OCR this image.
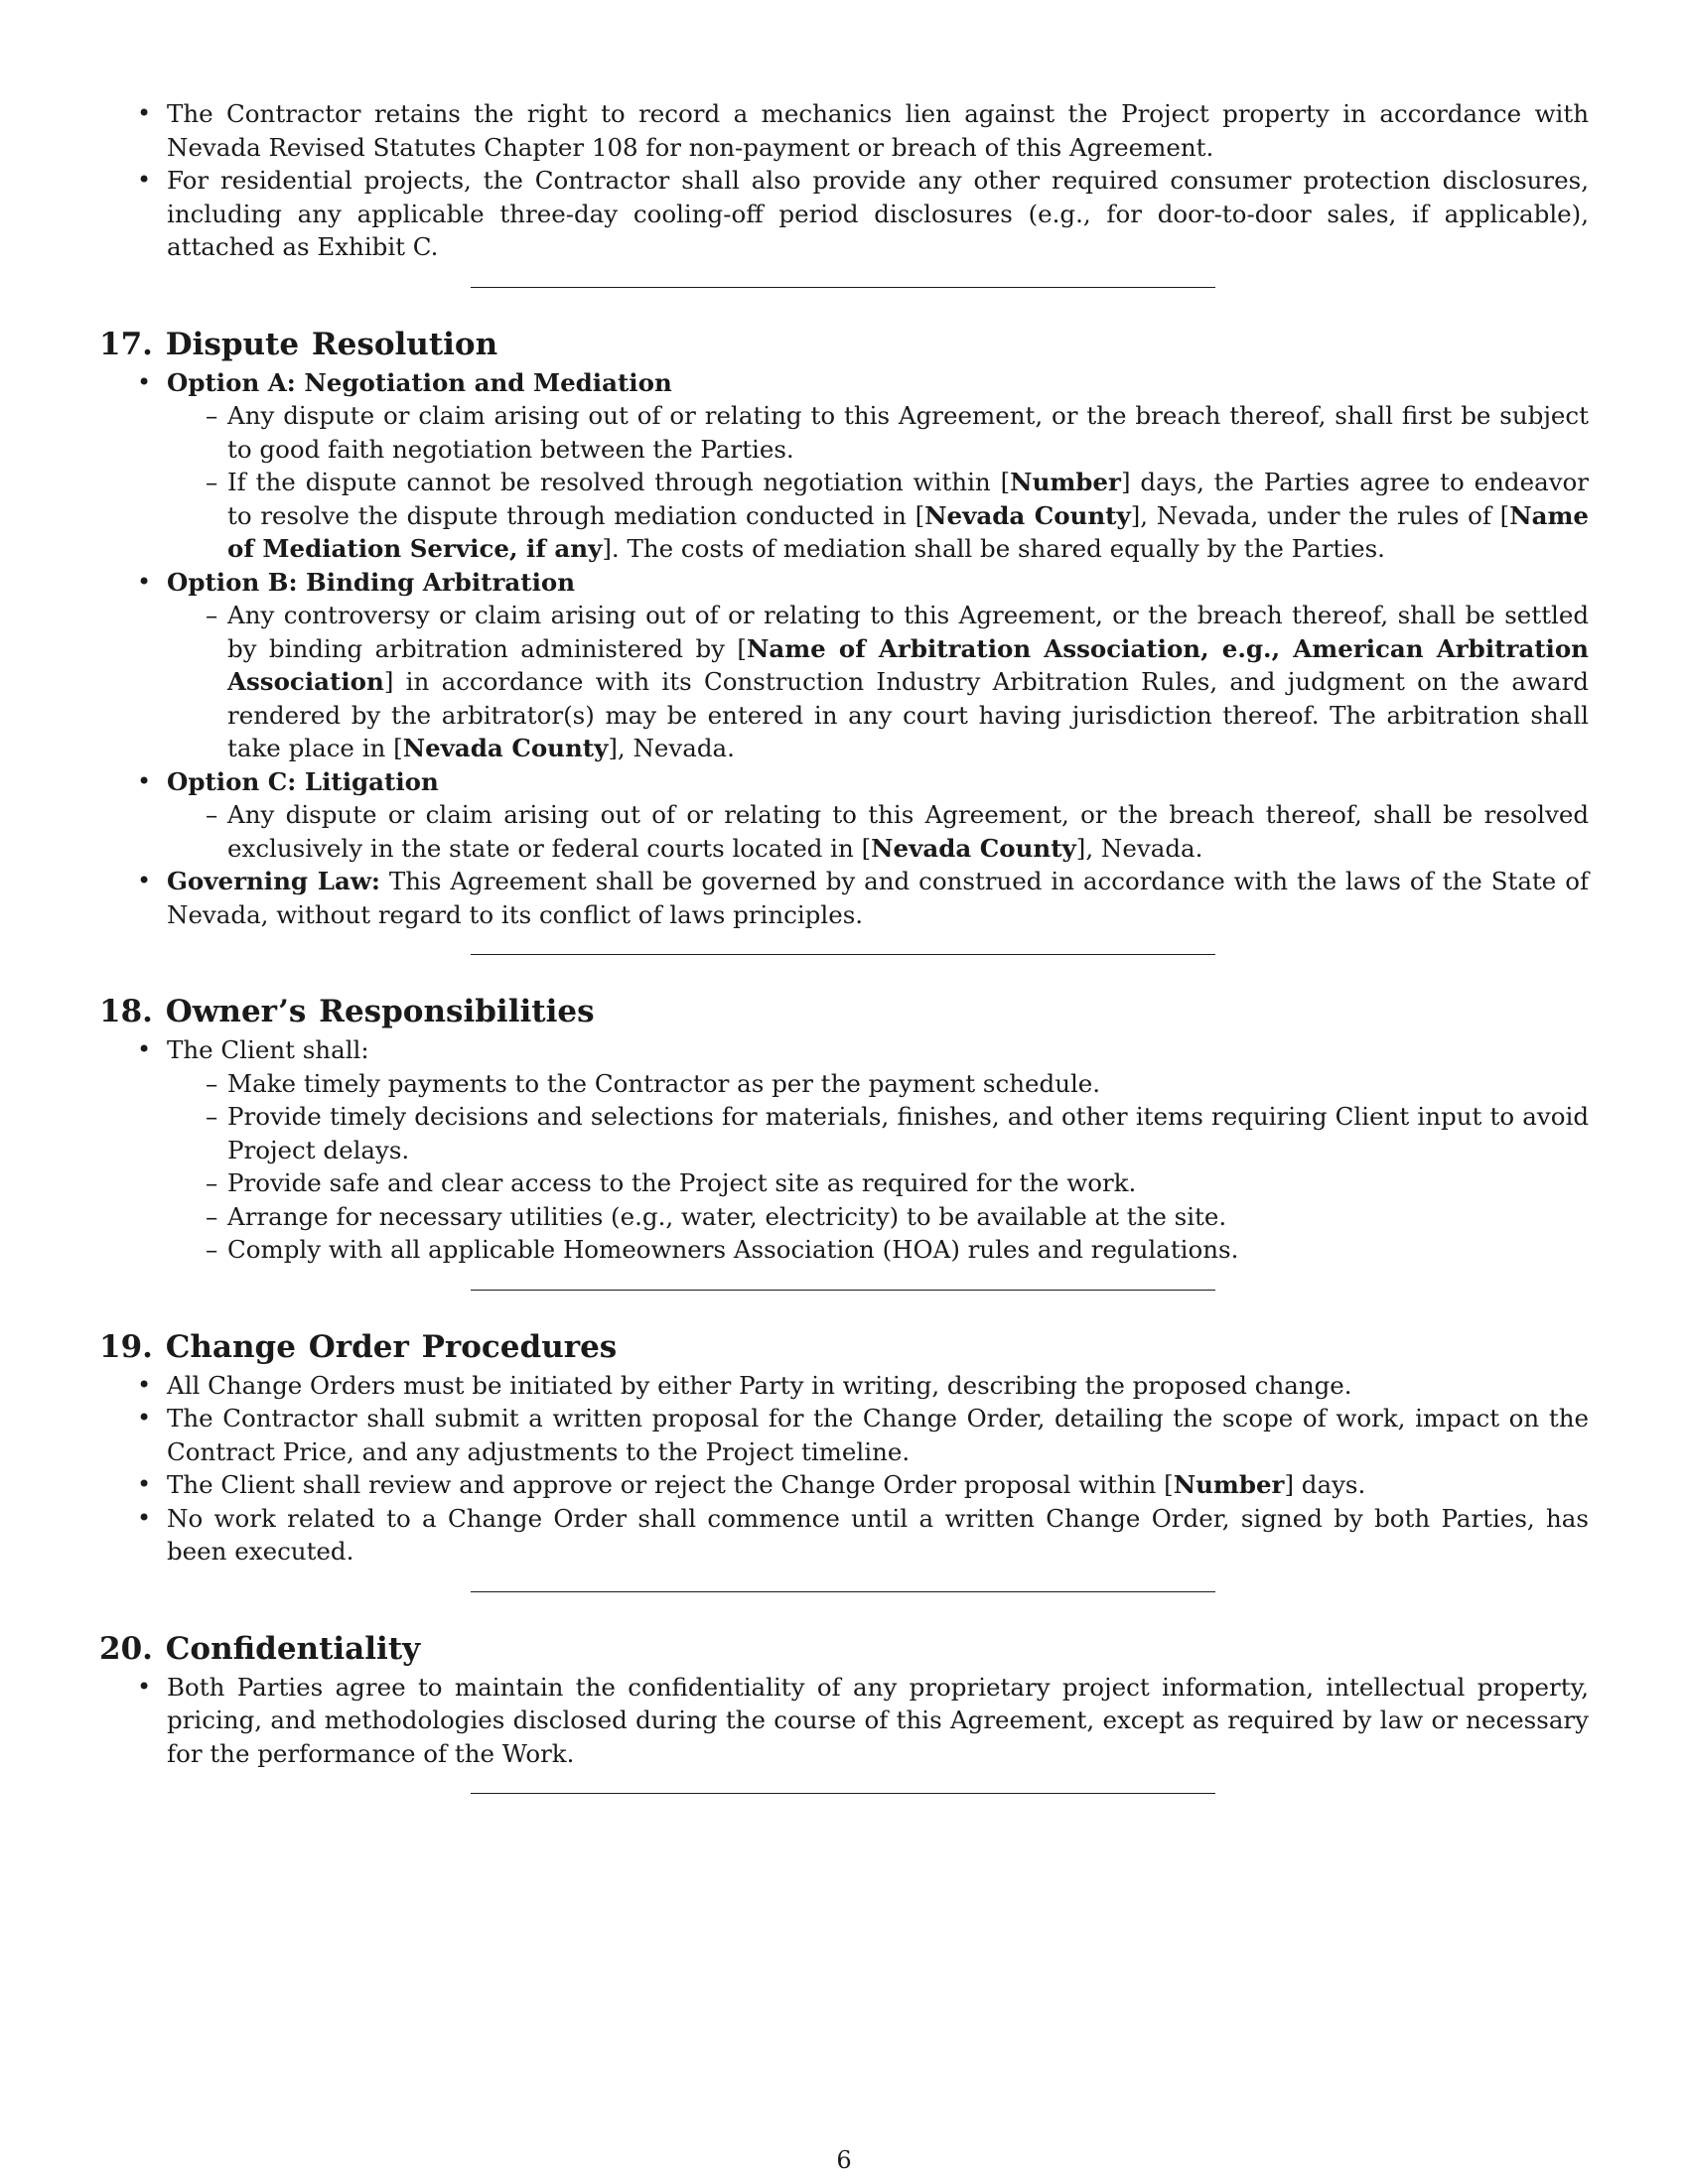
• The Contractor retains the right to record a mechanics lien against the Project property in accordance with Nevada Revised Statutes Chapter 108 for non-payment or breach of this Agreement.
• For residential projects, the Contractor shall also provide any other required consumer protection disclosures, including any applicable three-day cooling-off period disclosures (e.g., for door-to-door sales, if applicable), attached as Exhibit C.
17. Dispute Resolution
• Option A: Negotiation and Mediation
– Any dispute or claim arising out of or relating to this Agreement, or the breach thereof, shall first be subject to good faith negotiation between the Parties.
– If the dispute cannot be resolved through negotiation within [Number] days, the Parties agree to endeavor to resolve the dispute through mediation conducted in [Nevada County], Nevada, under the rules of [Name of Mediation Service, if any]. The costs of mediation shall be shared equally by the Parties.
• Option B: Binding Arbitration
– Any controversy or claim arising out of or relating to this Agreement, or the breach thereof, shall be settled by binding arbitration administered by [Name of Arbitration Association, e.g., American Arbitration Association] in accordance with its Construction Industry Arbitration Rules, and judgment on the award rendered by the arbitrator(s) may be entered in any court having jurisdiction thereof. The arbitration shall take place in [Nevada County], Nevada.
• Option C: Litigation
– Any dispute or claim arising out of or relating to this Agreement, or the breach thereof, shall be resolved exclusively in the state or federal courts located in [Nevada County], Nevada.
• Governing Law: This Agreement shall be governed by and construed in accordance with the laws of the State of Nevada, without regard to its conflict of laws principles.
18. Owner’s Responsibilities
• The Client shall:
– Make timely payments to the Contractor as per the payment schedule.
– Provide timely decisions and selections for materials, finishes, and other items requiring Client input to avoid Project delays.
– Provide safe and clear access to the Project site as required for the work.
– Arrange for necessary utilities (e.g., water, electricity) to be available at the site.
– Comply with all applicable Homeowners Association (HOA) rules and regulations.
19. Change Order Procedures
• All Change Orders must be initiated by either Party in writing, describing the proposed change.
• The Contractor shall submit a written proposal for the Change Order, detailing the scope of work, impact on the Contract Price, and any adjustments to the Project timeline.
• The Client shall review and approve or reject the Change Order proposal within [Number] days.
• No work related to a Change Order shall commence until a written Change Order, signed by both Parties, has been executed.
20. Confidentiality
• Both Parties agree to maintain the confidentiality of any proprietary project information, intellectual property, pricing, and methodologies disclosed during the course of this Agreement, except as required by law or necessary for the performance of the Work.
6
